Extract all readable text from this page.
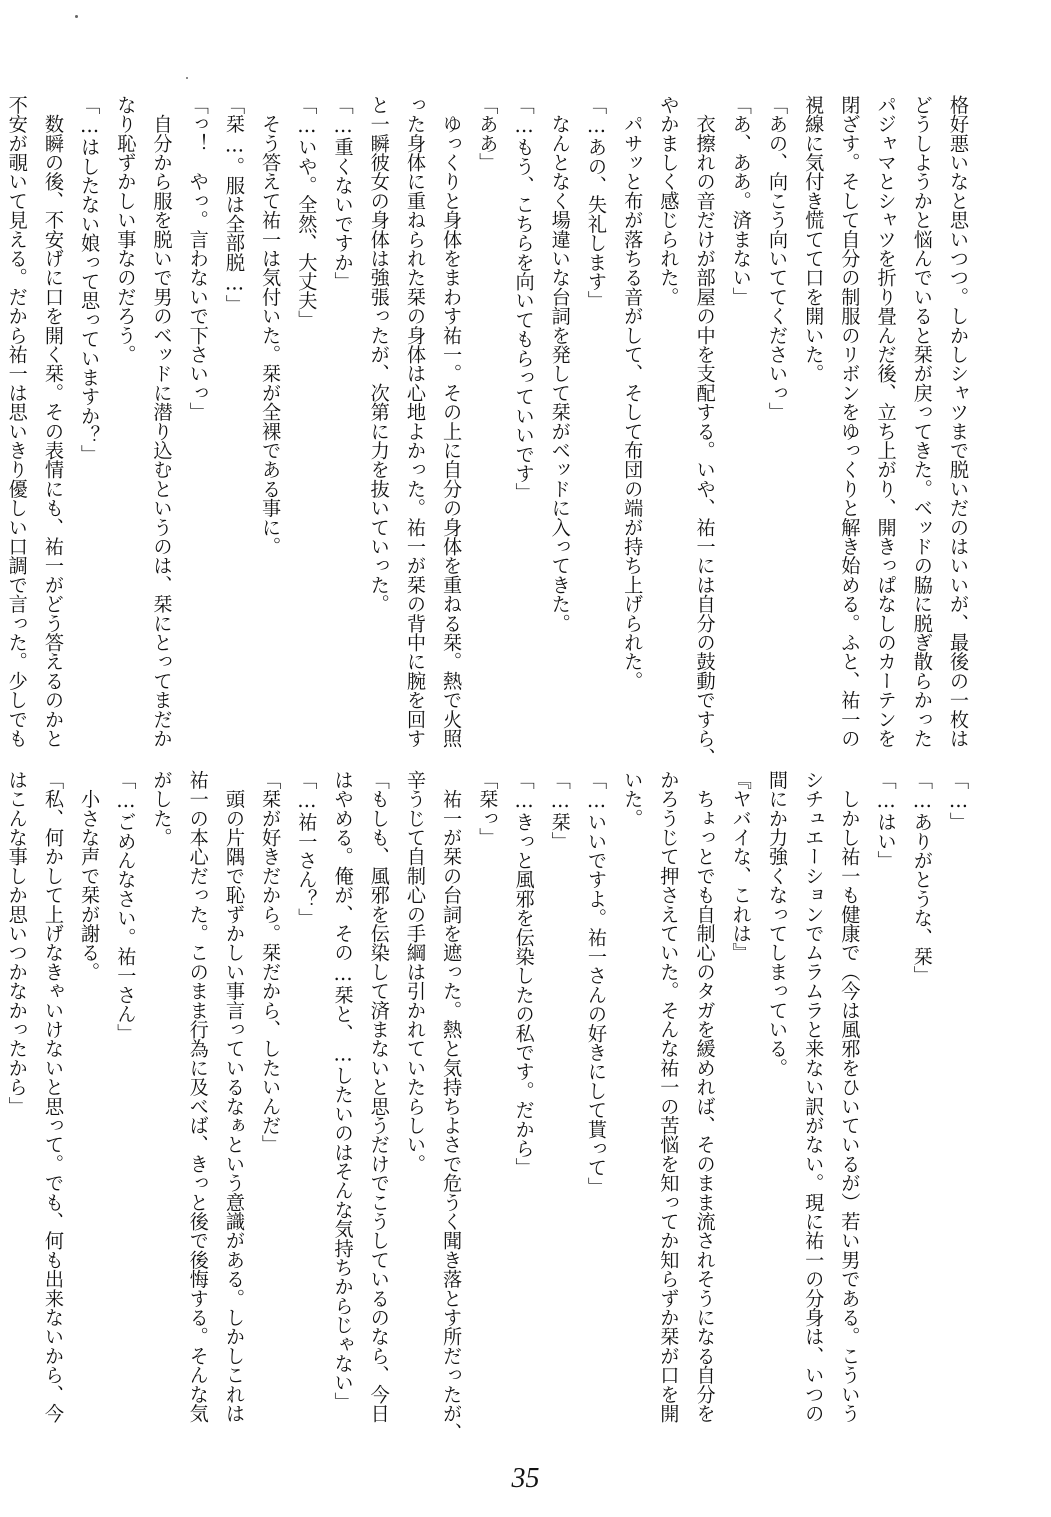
格好悪いなと思いつつ。しかしシャツまで脱いだのはいいが、最後の一枚は
どうしようかと悩んでいると栞が戻ってきた。ベッドの脇に脱ぎ散らかった
パジャマとシャツを折り畳んだ後、立ち上がり、開きっぱなしのカーテンを
閉ざす。そして自分の制服のリボンをゆっくりと解き始める。ふと、祐一の
視線に気付き慌てて口を開いた。
「あの、向こう向いててくださいっ」
「あ、ああ。済まない」
　衣擦れの音だけが部屋の中を支配する。いや、祐一には自分の鼓動ですら、
やかましく感じられた。
　パサッと布が落ちる音がして、そして布団の端が持ち上げられた。
「…あの、失礼します」
　なんとなく場違いな台詞を発して栞がベッドに入ってきた。
「…もう、こちらを向いてもらっていいです」
「ああ」
　ゆっくりと身体をまわす祐一。その上に自分の身体を重ねる栞。熱で火照
った身体に重ねられた栞の身体は心地よかった。祐一が栞の背中に腕を回す
と一瞬彼女の身体は強張ったが、次第に力を抜いていった。
「…重くないですか」
「…いや。全然、大丈夫」
　そう答えて祐一は気付いた。栞が全裸である事に。
「栞…。服は全部脱…」
「っ！　やっ。言わないで下さいっ」
　自分から服を脱いで男のベッドに潜り込むというのは、栞にとってまだか
なり恥ずかしい事なのだろう。
「…はしたない娘って思っていますか？」
　数瞬の後、不安げに口を開く栞。その表情にも、祐一がどう答えるのかと
不安が覗いて見える。だから祐一は思いきり優しい口調で言った。少しでも
「…」
「…ありがとうな、栞」
「…はい」
　しかし祐一も健康で（今は風邪をひいているが）若い男である。こういう
シチュエーションでムラムラと来ない訳がない。現に祐一の分身は、いつの
間にか力強くなってしまっている。
『ヤバイな、これは』
　ちょっとでも自制心のタガを緩めれば、そのまま流されそうになる自分を
かろうじて押さえていた。そんな祐一の苦悩を知ってか知らずか栞が口を開
いた。
「…いいですよ。祐一さんの好きにして貰って」
「…栞」
「…きっと風邪を伝染したの私です。だから」
「栞っ」
　祐一が栞の台詞を遮った。熱と気持ちよさで危うく聞き落とす所だったが、
辛うじて自制心の手綱は引かれていたらしい。
「もしも、風邪を伝染して済まないと思うだけでこうしているのなら、今日
はやめる。俺が、その…栞と、…したいのはそんな気持ちからじゃない」
「…祐一さん？」
「栞が好きだから。栞だから、したいんだ」
　頭の片隅で恥ずかしい事言っているなぁという意識がある。しかしこれは
祐一の本心だった。このまま行為に及べば、きっと後で後悔する。そんな気
がした。
「…ごめんなさい。祐一さん」
　小さな声で栞が謝る。
「私、何かして上げなきゃいけないと思って。でも、何も出来ないから、今
はこんな事しか思いつかなかったから」
35
